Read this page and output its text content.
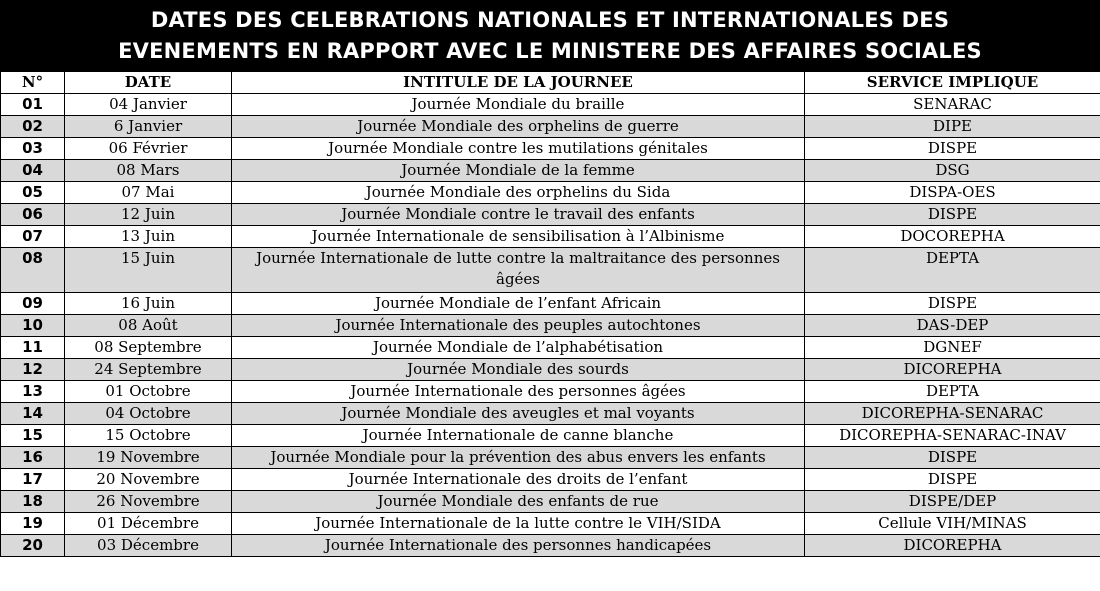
DATES DES CELEBRATIONS NATIONALES ET INTERNATIONALES DES
EVENEMENTS EN RAPPORT AVEC LE MINISTERE DES AFFAIRES SOCIALES
N°	DATE	INTITULE DE LA JOURNEE	SERVICE IMPLIQUE
01	04 Janvier	Journée Mondiale du braille	SENARAC
02	6 Janvier	Journée Mondiale des orphelins de guerre	DIPE
03	06 Février	Journée Mondiale contre les mutilations génitales	DISPE
04	08 Mars	Journée Mondiale de la femme	DSG
05	07 Mai	Journée Mondiale des orphelins du Sida	DISPA-OES
06	12 Juin	Journée Mondiale contre le travail des enfants	DISPE
07	13 Juin	Journée Internationale de sensibilisation à l’Albinisme	DOCOREPHA
08	15 Juin	Journée Internationale de lutte contre la maltraitance des personnes âgées	DEPTA
09	16 Juin	Journée Mondiale de l’enfant Africain	DISPE
10	08 Août	Journée Internationale des peuples autochtones	DAS-DEP
11	08 Septembre	Journée Mondiale de l’alphabétisation	DGNEF
12	24 Septembre	Journée Mondiale des sourds	DICOREPHA
13	01 Octobre	Journée Internationale des personnes âgées	DEPTA
14	04 Octobre	Journée Mondiale des aveugles et mal voyants	DICOREPHA-SENARAC
15	15 Octobre	Journée Internationale de canne blanche	DICOREPHA-SENARAC-INAV
16	19 Novembre	Journée Mondiale pour la prévention des abus envers les enfants	DISPE
17	20 Novembre	Journée Internationale des droits de l’enfant	DISPE
18	26 Novembre	Journée Mondiale des enfants de rue	DISPE/DEP
19	01 Décembre	Journée Internationale de la lutte contre le VIH/SIDA	Cellule VIH/MINAS
20	03 Décembre	Journée Internationale des personnes handicapées	DICOREPHA
